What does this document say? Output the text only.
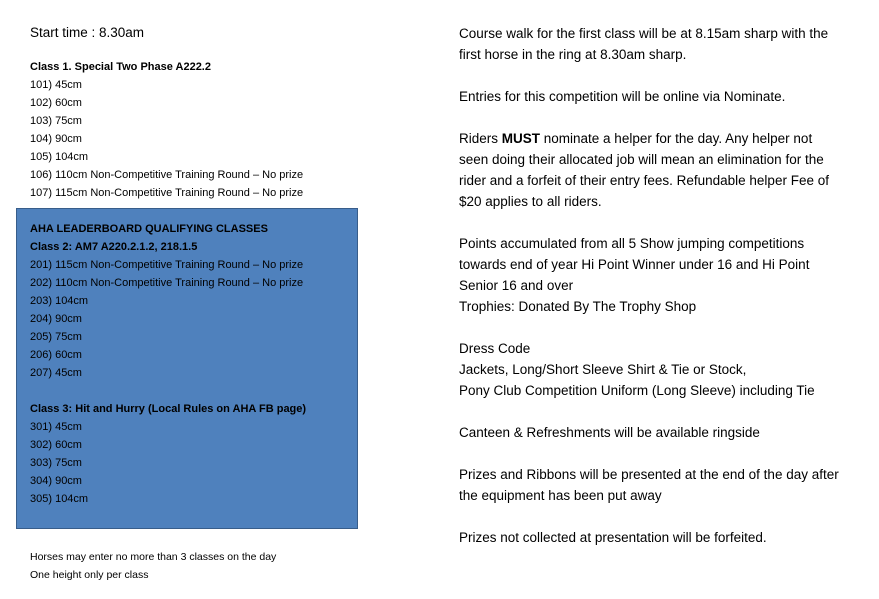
Start time : 8.30am
Class 1. Special Two Phase A222.2
101) 45cm
102) 60cm
103) 75cm
104) 90cm
105) 104cm
106) 110cm Non-Competitive Training Round – No prize
107) 115cm Non-Competitive Training Round – No prize
AHA LEADERBOARD QUALIFYING CLASSES
Class 2: AM7 A220.2.1.2, 218.1.5
201) 115cm Non-Competitive Training Round – No prize
202) 110cm Non-Competitive Training Round – No prize
203) 104cm
204) 90cm
205) 75cm
206) 60cm
207) 45cm
Class 3: Hit and Hurry (Local Rules on AHA FB page)
301) 45cm
302) 60cm
303) 75cm
304) 90cm
305) 104cm
Horses may enter no more than 3 classes on the day
One height only per class

Course walk for the first class will be at 8.15am sharp with the
first horse in the ring at 8.30am sharp.

Entries for this competition will be online via Nominate.

Riders MUST nominate a helper for the day. Any helper not
seen doing their allocated job will mean an elimination for the
rider and a forfeit of their entry fees. Refundable helper Fee of
$20 applies to all riders.

Points accumulated from all 5 Show jumping competitions
towards end of year Hi Point Winner under 16 and Hi Point
Senior 16 and over
Trophies: Donated By The Trophy Shop

Dress Code
Jackets, Long/Short Sleeve Shirt & Tie or Stock,
Pony Club Competition Uniform (Long Sleeve) including Tie

Canteen & Refreshments will be available ringside

Prizes and Ribbons will be presented at the end of the day after
the equipment has been put away

Prizes not collected at presentation will be forfeited.
